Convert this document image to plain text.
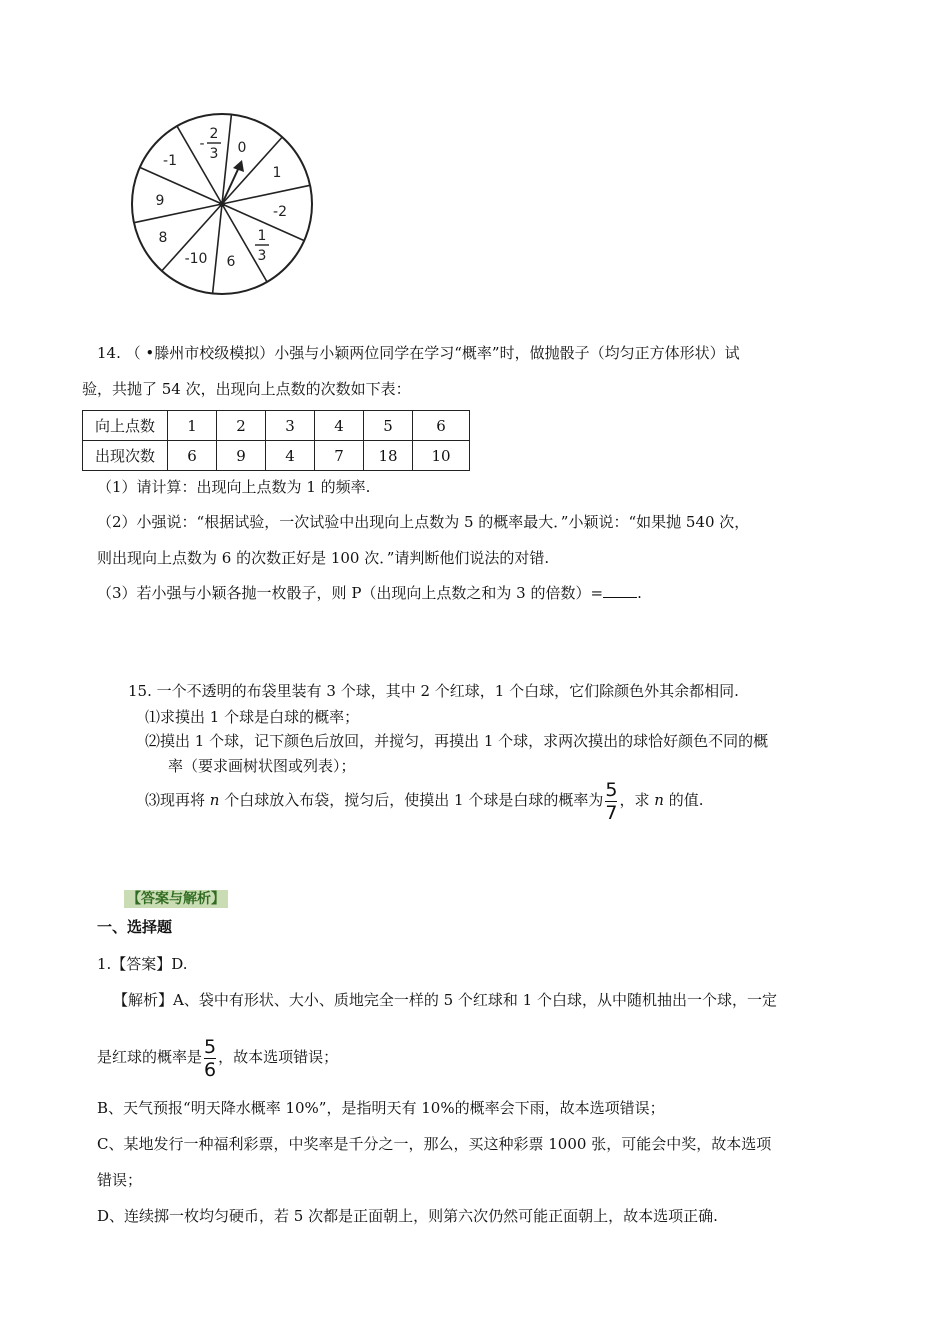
0
1
-2
1
3
6
-10
8
9
-1
-
2
3
14. （ •滕州市校级模拟）小强与小颖两位同学在学习“概率”时，做抛骰子（均匀正方体形状）试
验，共抛了 54 次，出现向上点数的次数如下表：
向上点数	1	2	3	4	5	6
出现次数	6	9	4	7	18	10
（1）请计算：出现向上点数为 1 的频率.
（2）小强说：“根据试验，一次试验中出现向上点数为 5 的概率最大．”小颖说：“如果抛 540 次，
则出现向上点数为 6 的次数正好是 100 次．”请判断他们说法的对错.
（3）若小强与小颖各抛一枚骰子，则 P（出现向上点数之和为 3 的倍数）= .
15. 一个不透明的布袋里装有 3 个球，其中 2 个红球，1 个白球，它们除颜色外其余都相同.
⑴求摸出 1 个球是白球的概率；
⑵摸出 1 个球，记下颜色后放回，并搅匀，再摸出 1 个球，求两次摸出的球恰好颜色不同的概
率（要求画树状图或列表）；
⑶现再将 n 个白球放入布袋，搅匀后，使摸出 1 个球是白球的概率为 $\frac{5}{7}$ ，求 n 的值.
【答案与解析】
一、选择题
1.【答案】D.
【解析】A、袋中有形状、大小、质地完全一样的 5 个红球和 1 个白球，从中随机抽出一个球，一定
是红球的概率是 $\frac{5}{6}$ ，故本选项错误；
B、天气预报“明天降水概率 10%”，是指明天有 10%的概率会下雨，故本选项错误；
C、某地发行一种福利彩票，中奖率是千分之一，那么，买这种彩票 1000 张，可能会中奖，故本选项
错误；
D、连续掷一枚均匀硬币，若 5 次都是正面朝上，则第六次仍然可能正面朝上，故本选项正确.
